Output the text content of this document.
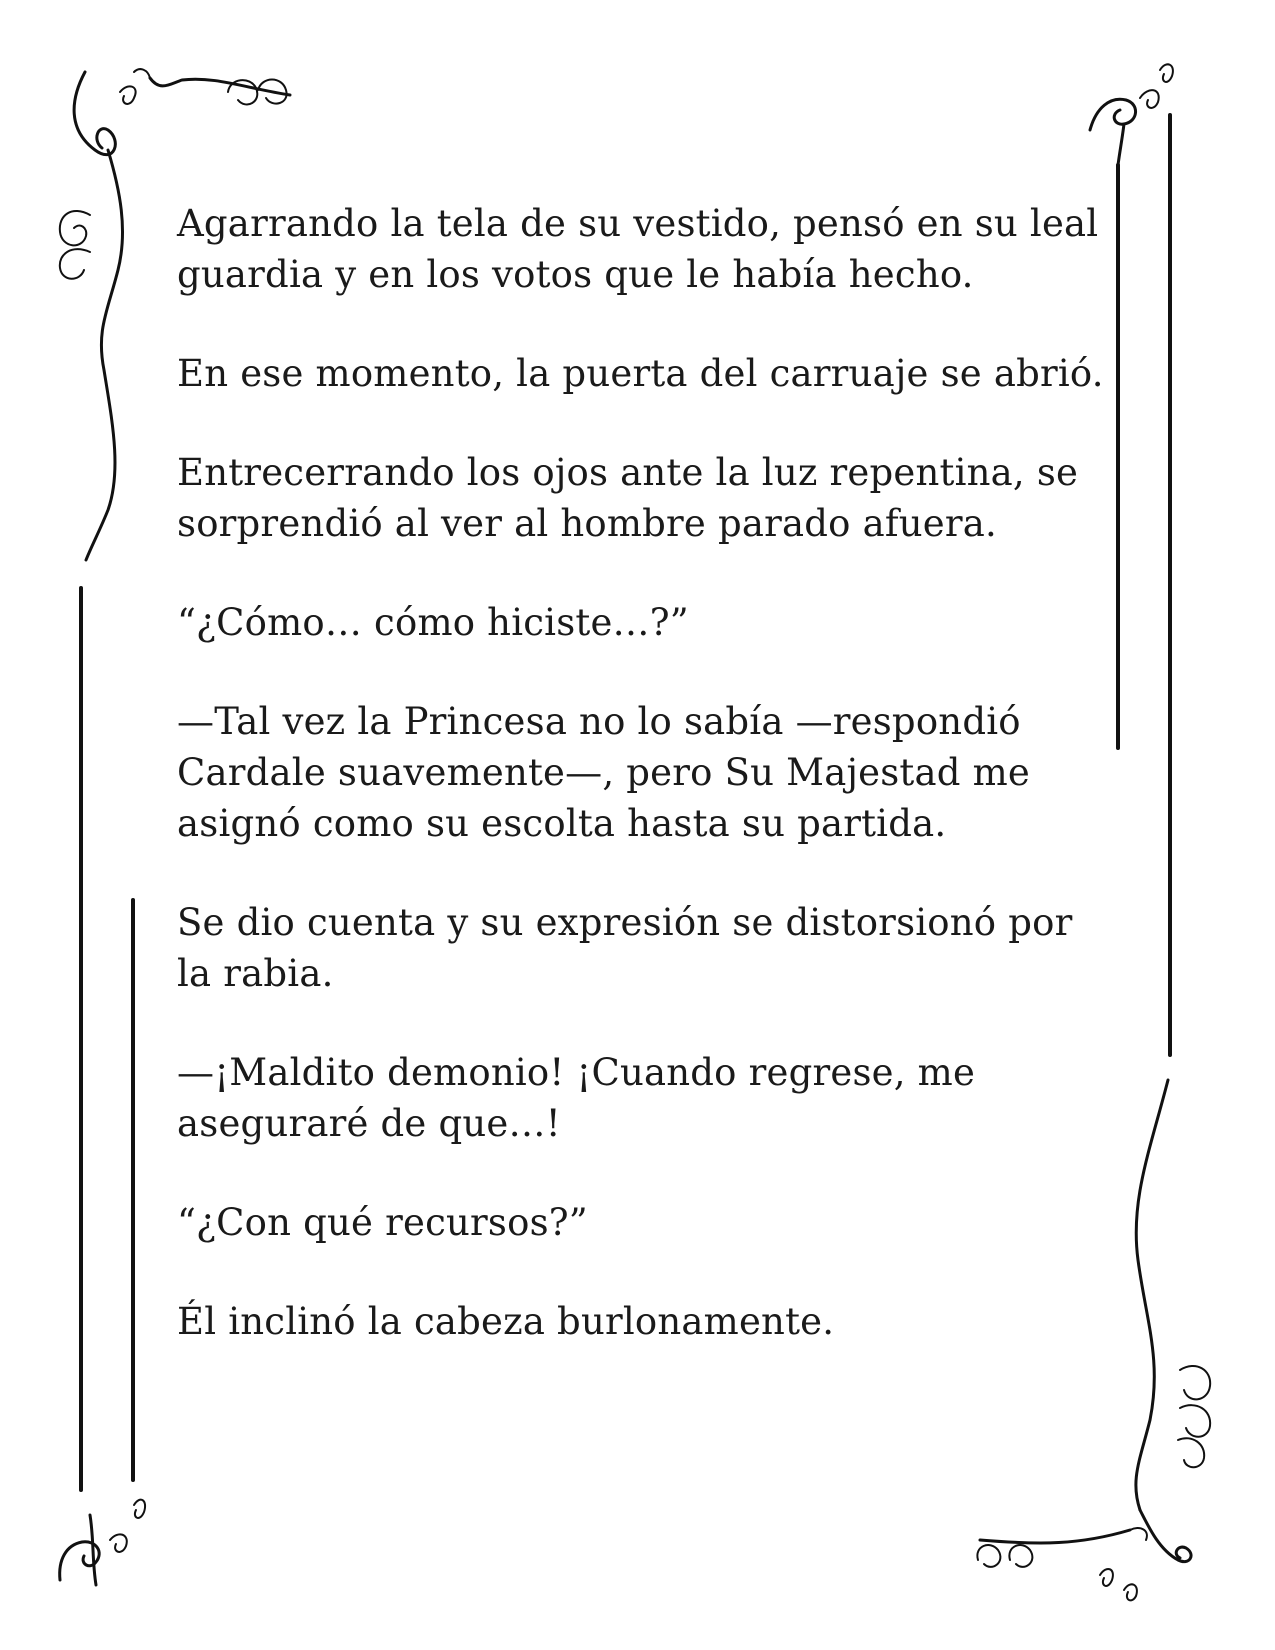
Agarrando la tela de su vestido, pensó en su leal guardia y en los votos que le había hecho.

En ese momento, la puerta del carruaje se abrió.

Entrecerrando los ojos ante la luz repentina, se sorprendió al ver al hombre parado afuera.

“¿Cómo… cómo hiciste…?”

—Tal vez la Princesa no lo sabía —respondió Cardale suavemente—, pero Su Majestad me asignó como su escolta hasta su partida.

Se dio cuenta y su expresión se distorsionó por la rabia.

—¡Maldito demonio! ¡Cuando regrese, me aseguraré de que…!

“¿Con qué recursos?”

Él inclinó la cabeza burlonamente.
